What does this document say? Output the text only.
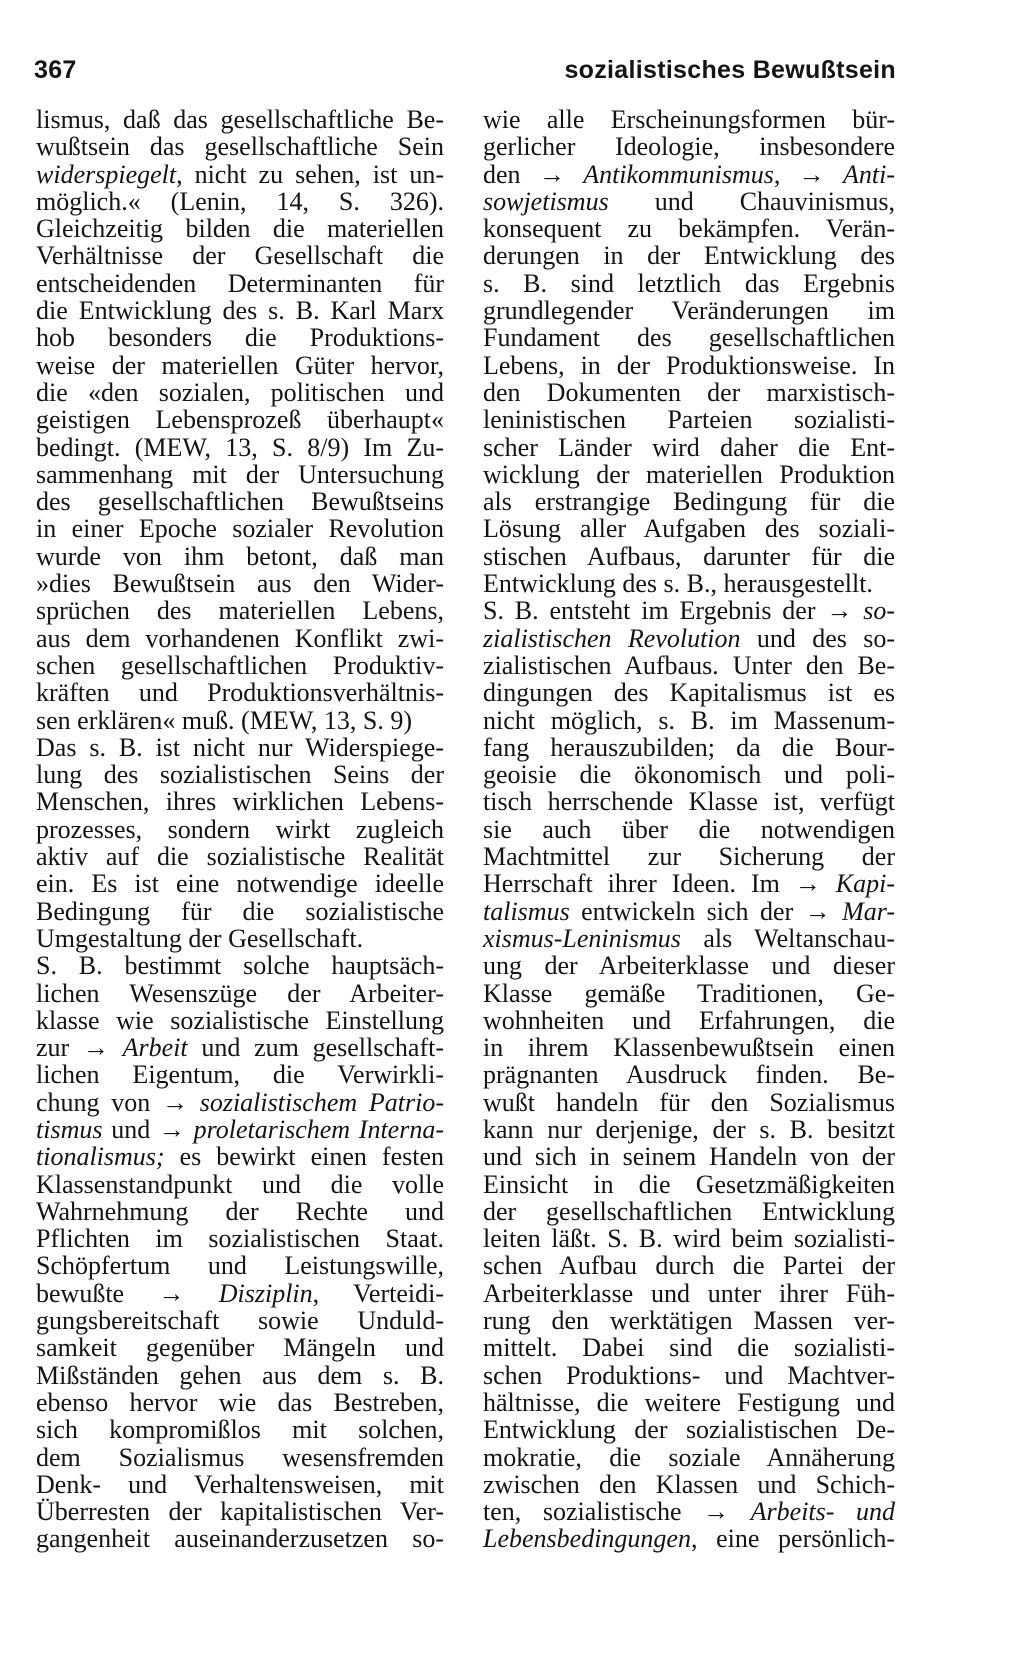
367	sozialistisches Bewußtsein
lismus, daß das gesellschaftliche Be-
wußtsein das gesellschaftliche Sein
widerspiegelt, nicht zu sehen, ist un-
möglich.« (Lenin, 14, S. 326).
Gleichzeitig bilden die materiellen
Verhältnisse der Gesellschaft die
entscheidenden Determinanten für
die Entwicklung des s. B. Karl Marx
hob besonders die Produktions-
weise der materiellen Güter hervor,
die «den sozialen, politischen und
geistigen Lebensprozeß überhaupt«
bedingt. (MEW, 13, S. 8/9) Im Zu-
sammenhang mit der Untersuchung
des gesellschaftlichen Bewußtseins
in einer Epoche sozialer Revolution
wurde von ihm betont, daß man
»dies Bewußtsein aus den Wider-
sprüchen des materiellen Lebens,
aus dem vorhandenen Konflikt zwi-
schen gesellschaftlichen Produktiv-
kräften und Produktionsverhältnis-
sen erklären« muß. (MEW, 13, S. 9)
Das s. B. ist nicht nur Widerspiege-
lung des sozialistischen Seins der
Menschen, ihres wirklichen Lebens-
prozesses, sondern wirkt zugleich
aktiv auf die sozialistische Realität
ein. Es ist eine notwendige ideelle
Bedingung für die sozialistische
Umgestaltung der Gesellschaft.
S. B. bestimmt solche hauptsäch-
lichen Wesenszüge der Arbeiter-
klasse wie sozialistische Einstellung
zur → Arbeit und zum gesellschaft-
lichen Eigentum, die Verwirkli-
chung von → sozialistischem Patrio-
tismus und → proletarischem Interna-
tionalismus; es bewirkt einen festen
Klassenstandpunkt und die volle
Wahrnehmung der Rechte und
Pflichten im sozialistischen Staat.
Schöpfertum und Leistungswille,
bewußte → Disziplin, Verteidi-
gungsbereitschaft sowie Unduld-
samkeit gegenüber Mängeln und
Mißständen gehen aus dem s. B.
ebenso hervor wie das Bestreben,
sich kompromißlos mit solchen,
dem Sozialismus wesensfremden
Denk- und Verhaltensweisen, mit
Überresten der kapitalistischen Ver-
gangenheit auseinanderzusetzen so-
wie alle Erscheinungsformen bür-
gerlicher Ideologie, insbesondere
den → Antikommunismus, → Anti-
sowjetismus und Chauvinismus,
konsequent zu bekämpfen. Verän-
derungen in der Entwicklung des
s. B. sind letztlich das Ergebnis
grundlegender Veränderungen im
Fundament des gesellschaftlichen
Lebens, in der Produktionsweise. In
den Dokumenten der marxistisch-
leninistischen Parteien sozialisti-
scher Länder wird daher die Ent-
wicklung der materiellen Produktion
als erstrangige Bedingung für die
Lösung aller Aufgaben des soziali-
stischen Aufbaus, darunter für die
Entwicklung des s. B., herausgestellt.
S. B. entsteht im Ergebnis der → so-
zialistischen Revolution und des so-
zialistischen Aufbaus. Unter den Be-
dingungen des Kapitalismus ist es
nicht möglich, s. B. im Massenum-
fang herauszubilden; da die Bour-
geoisie die ökonomisch und poli-
tisch herrschende Klasse ist, verfügt
sie auch über die notwendigen
Machtmittel zur Sicherung der
Herrschaft ihrer Ideen. Im → Kapi-
talismus entwickeln sich der → Mar-
xismus-Leninismus als Weltanschau-
ung der Arbeiterklasse und dieser
Klasse gemäße Traditionen, Ge-
wohnheiten und Erfahrungen, die
in ihrem Klassenbewußtsein einen
prägnanten Ausdruck finden. Be-
wußt handeln für den Sozialismus
kann nur derjenige, der s. B. besitzt
und sich in seinem Handeln von der
Einsicht in die Gesetzmäßigkeiten
der gesellschaftlichen Entwicklung
leiten läßt. S. B. wird beim sozialisti-
schen Aufbau durch die Partei der
Arbeiterklasse und unter ihrer Füh-
rung den werktätigen Massen ver-
mittelt. Dabei sind die sozialisti-
schen Produktions- und Machtver-
hältnisse, die weitere Festigung und
Entwicklung der sozialistischen De-
mokratie, die soziale Annäherung
zwischen den Klassen und Schich-
ten, sozialistische → Arbeits- und
Lebensbedingungen, eine persönlich-
